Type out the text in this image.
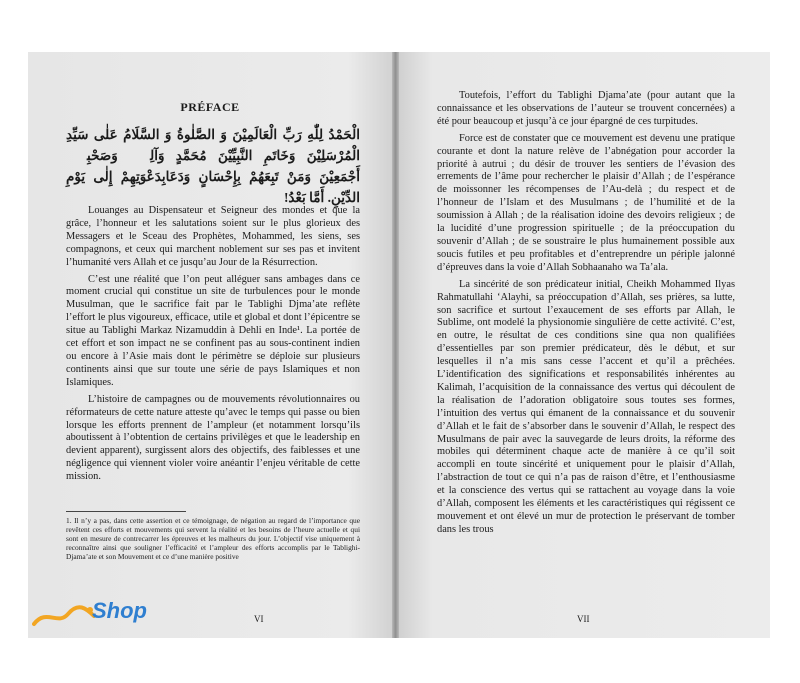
PRÉFACE
الْحَمْدُ لِلّٰهِ رَبِّ الْعَالَمِيْنَ وَ الصَّلٰوةُ وَ السَّلَامُ عَلٰى سَيِّدِ الْمُرْسَلِيْنَ وَخَاتَمِ النَّبِيِّيْنَ مُحَمَّدٍ وَآلِهٖ وَصَحْبِهٖ أَجْمَعِيْنَ وَمَنْ تَبِعَهُمْ بِإِحْسَانٍ وَدَعَابِدَعْوَتِهِمْ إِلٰى يَوْمِ الدِّيْنِ. أَمَّا بَعْدُ!

Louanges au Dispensateur et Seigneur des mondes et que la grâce, l’honneur et les salutations soient sur le plus glorieux des Messagers et le Sceau des Prophètes, Mohammed, les siens, ses compagnons, et ceux qui marchent noblement sur ses pas et invitent l’humanité vers Allah et ce jusqu’au Jour de la Résurrection.

C’est une réalité que l’on peut alléguer sans ambages dans ce moment crucial qui constitue un site de turbulences pour le monde Musulman, que le sacrifice fait par le Tablighi Djma’ate reflète l’effort le plus vigoureux, efficace, utile et global et dont l’épicentre se situe au Tablighi Markaz Nizamuddin à Dehli en Inde¹. La portée de cet effort et son impact ne se confinent pas au sous-continent indien ou encore à l’Asie mais dont le périmètre se déploie sur plusieurs continents ainsi que sur toute une série de pays Islamiques et non Islamiques.

L’histoire de campagnes ou de mouvements révolutionnaires ou réformateurs de cette nature atteste qu’avec le temps qui passe ou bien lorsque les efforts prennent de l’ampleur (et notamment lorsqu’ils aboutissent à l’obtention de certains privilèges et que le leadership en devient apparent), surgissent alors des objectifs, des faiblesses et une négligence qui viennent violer voire anéantir l’enjeu véritable de cette mission.

1. Il n’y a pas, dans cette assertion et ce témoignage, de négation au regard de l’importance que revêtent ces efforts et mouvements qui servent la réalité et les besoins de l’heure actuelle et qui sont en mesure de contrecarrer les épreuves et les malheurs du jour. L’objectif vise uniquement à reconnaître ainsi que souligner l’efficacité et l’ampleur des efforts accomplis par le Tablighi-Djama’ate et son Mouvement et ce d’une manière positive
VI

Toutefois, l’effort du Tablighi Djama’ate (pour autant que la connaissance et les observations de l’auteur se trouvent concernées) a été pour beaucoup et jusqu’à ce jour épargné de ces turpitudes.

Force est de constater que ce mouvement est devenu une pratique courante et dont la nature relève de l’abnégation pour accorder la priorité à autrui ; du désir de trouver les sentiers de l’évasion des errements de l’âme pour rechercher le plaisir d’Allah ; de l’espérance de moissonner les récompenses de l’Au-delà ; du respect et de l’honneur de l’Islam et des Musulmans ; de l’humilité et de la soumission à Allah ; de la réalisation idoine des devoirs religieux ; de la lucidité d’une progression spirituelle ; de la préoccupation du souvenir d’Allah ; de se soustraire le plus humainement possible aux soucis futiles et peu profitables et d’entreprendre un périple jalonné d’épreuves dans la voie d’Allah Sobhaanaho wa Ta’ala.

La sincérité de son prédicateur initial, Cheikh Mohammed Ilyas Rahmatullahi ‘Alayhi, sa préoccupation d’Allah, ses prières, sa lutte, son sacrifice et surtout l’exaucement de ses efforts par Allah, le Sublime, ont modelé la physionomie singulière de cette activité. C’est, en outre, le résultat de ces conditions sine qua non qualifiées d’essentielles par son premier prédicateur, dès le début, et sur lesquelles il n’a mis sans cesse l’accent et qu’il a prêchées. L’identification des significations et responsabilités inhérentes au Kalimah, l’acquisition de la connaissance des vertus qui découlent de la réalisation de l’adoration obligatoire sous toutes ses formes, l’intuition des vertus qui émanent de la connaissance et du souvenir d’Allah et le fait de s’absorber dans le souvenir d’Allah, le respect des Musulmans de pair avec la sauvegarde de leurs droits, la réforme des mobiles qui déterminent chaque acte de manière à ce qu’il soit accompli en toute sincérité et uniquement pour le plaisir d’Allah, l’abstraction de tout ce qui n’a pas de raison d’être, et l’enthousiasme et la conscience des vertus qui se rattachent au voyage dans la voie d’Allah, composent les éléments et les caractéristiques qui régissent ce mouvement et ont élevé un mur de protection le préservant de tomber dans les trous

VII
Shop
